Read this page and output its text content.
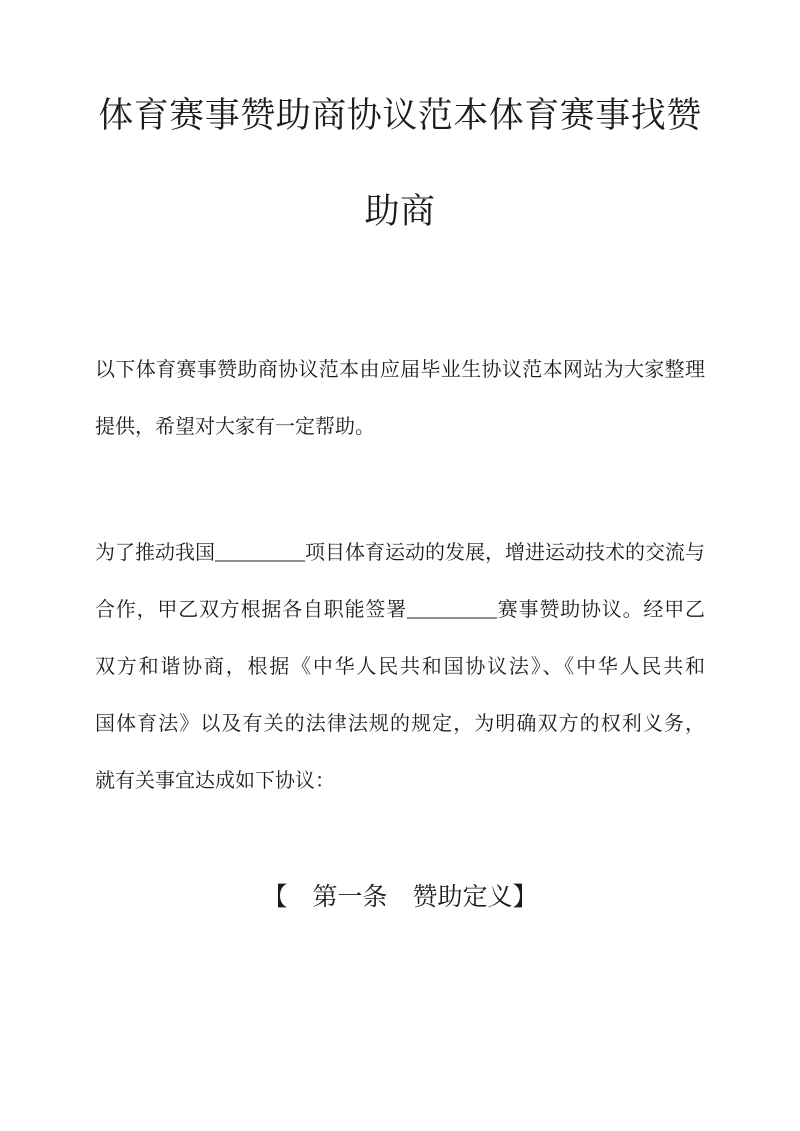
体育赛事赞助商协议范本体育赛事找赞
助商
以下体育赛事赞助商协议范本由应届毕业生协议范本网站为大家整理
提供，希望对大家有一定帮助。
为了推动我国_________项目体育运动的发展，增进运动技术的交流与
合作，甲乙双方根据各自职能签署_________赛事赞助协议。经甲乙
双方和谐协商，根据《中华人民共和国协议法》、《中华人民共和
国体育法》以及有关的法律法规的规定，为明确双方的权利义务，
就有关事宜达成如下协议：
【　第一条　赞助定义】
